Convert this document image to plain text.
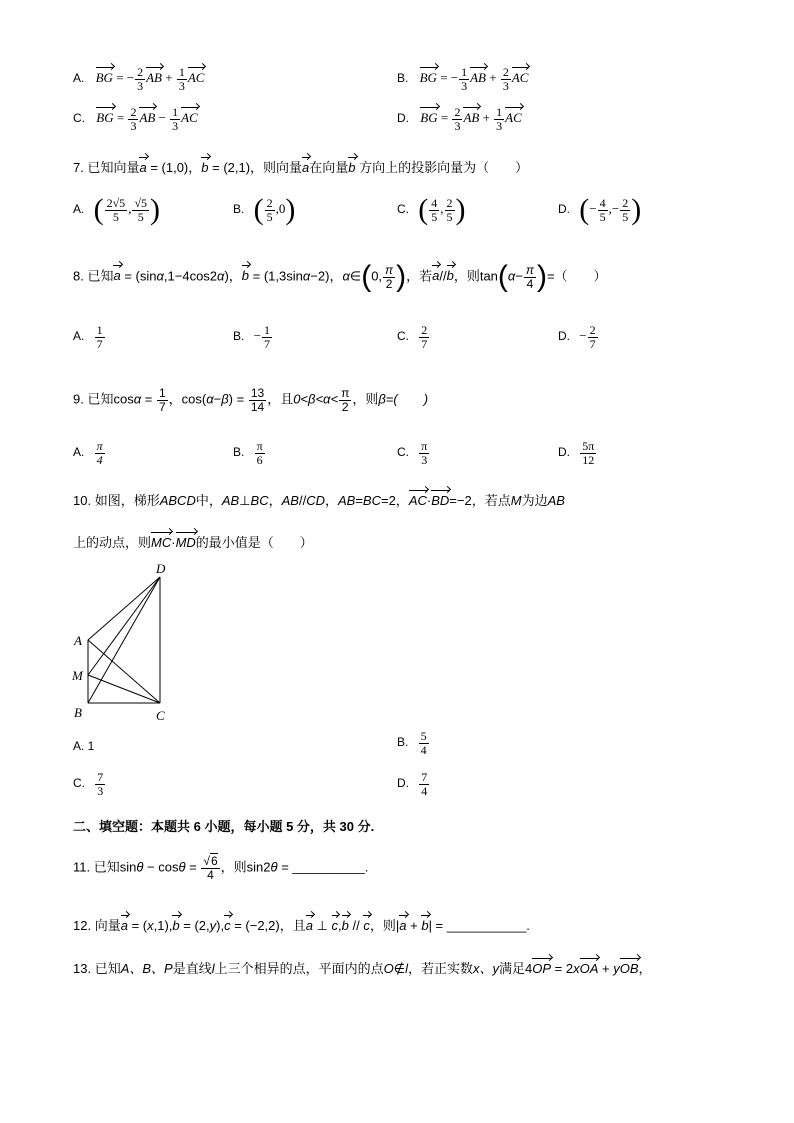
A. BG = − $\frac{2}{3}$ AB + $\frac{1}{3}$ AC	B. BG = − $\frac{1}{3}$ AB + $\frac{2}{3}$ AC
C. BG = $\frac{2}{3}$ AB − $\frac{1}{3}$ AC	D. BG = $\frac{2}{3}$ AB + $\frac{1}{3}$ AC
7. 已知向量a = (1,0)，b = (2,1)，则向量a在向量b 方向上的投影向量为（　　）
A. ( $\frac{2√5}{5}$ , $\frac{√5}{5}$ )	B. ( $\frac{2}{5} ,0$)	C. ( $\frac{4}{5}$ , $\frac{2}{5}$ )	D. (− $\frac{4}{5}$ ,− $\frac{2}{5}$ )
8. 已知a = (sinα,1−4cos2α)，b = (1,3sinα−2)，α∈(0, $\frac{\pi}{2}$ )，若a//b，则$\tan(\alpha- \frac{\pi}{4}$ )=（　　）
A. $\frac{1}{7}$	B. − $\frac{1}{7}$	C. $\frac{2}{7}$	D. − $\frac{2}{7}$
9. 已知$\cos\alpha = \frac{1}{7}$ ，$\cos(\alpha-\beta) = \frac{13}{14}$ ，且$0<\beta<\alpha< \frac{\pi}{2}$ ，则β=(　　)
A. $\frac{\pi}{4}$	B. $\frac{\pi}{6}$	C. $\frac{\pi}{3}$	D. $\frac{5\pi}{12}$
10. 如图，梯形ABCD中，AB⊥BC，AB//CD，AB=BC=2，AC·BD=−2，若点M为边AB
上的动点，则MC·MD的最小值是（　　）
D
A
M
B	C
A. 1	B. $\frac{5}{4}$
C. $\frac{7}{3}$	D. $\frac{7}{4}$
二、填空题：本题共 6 小题，每小题 5 分，共 30 分.
11. 已知$\sin\theta - \cos\theta = \frac{√6}{4}$ ，则sin2θ = __________.
12. 向量a = (x,1),b = (2,y),c = (−2,2)，且a ⊥ c,b // c，则|a + b| = ___________.
13. 已知A、B、P是直线l上三个相异的点，平面内的点O∉l，若正实数x、y满足4OP = 2xOA + yOB，
